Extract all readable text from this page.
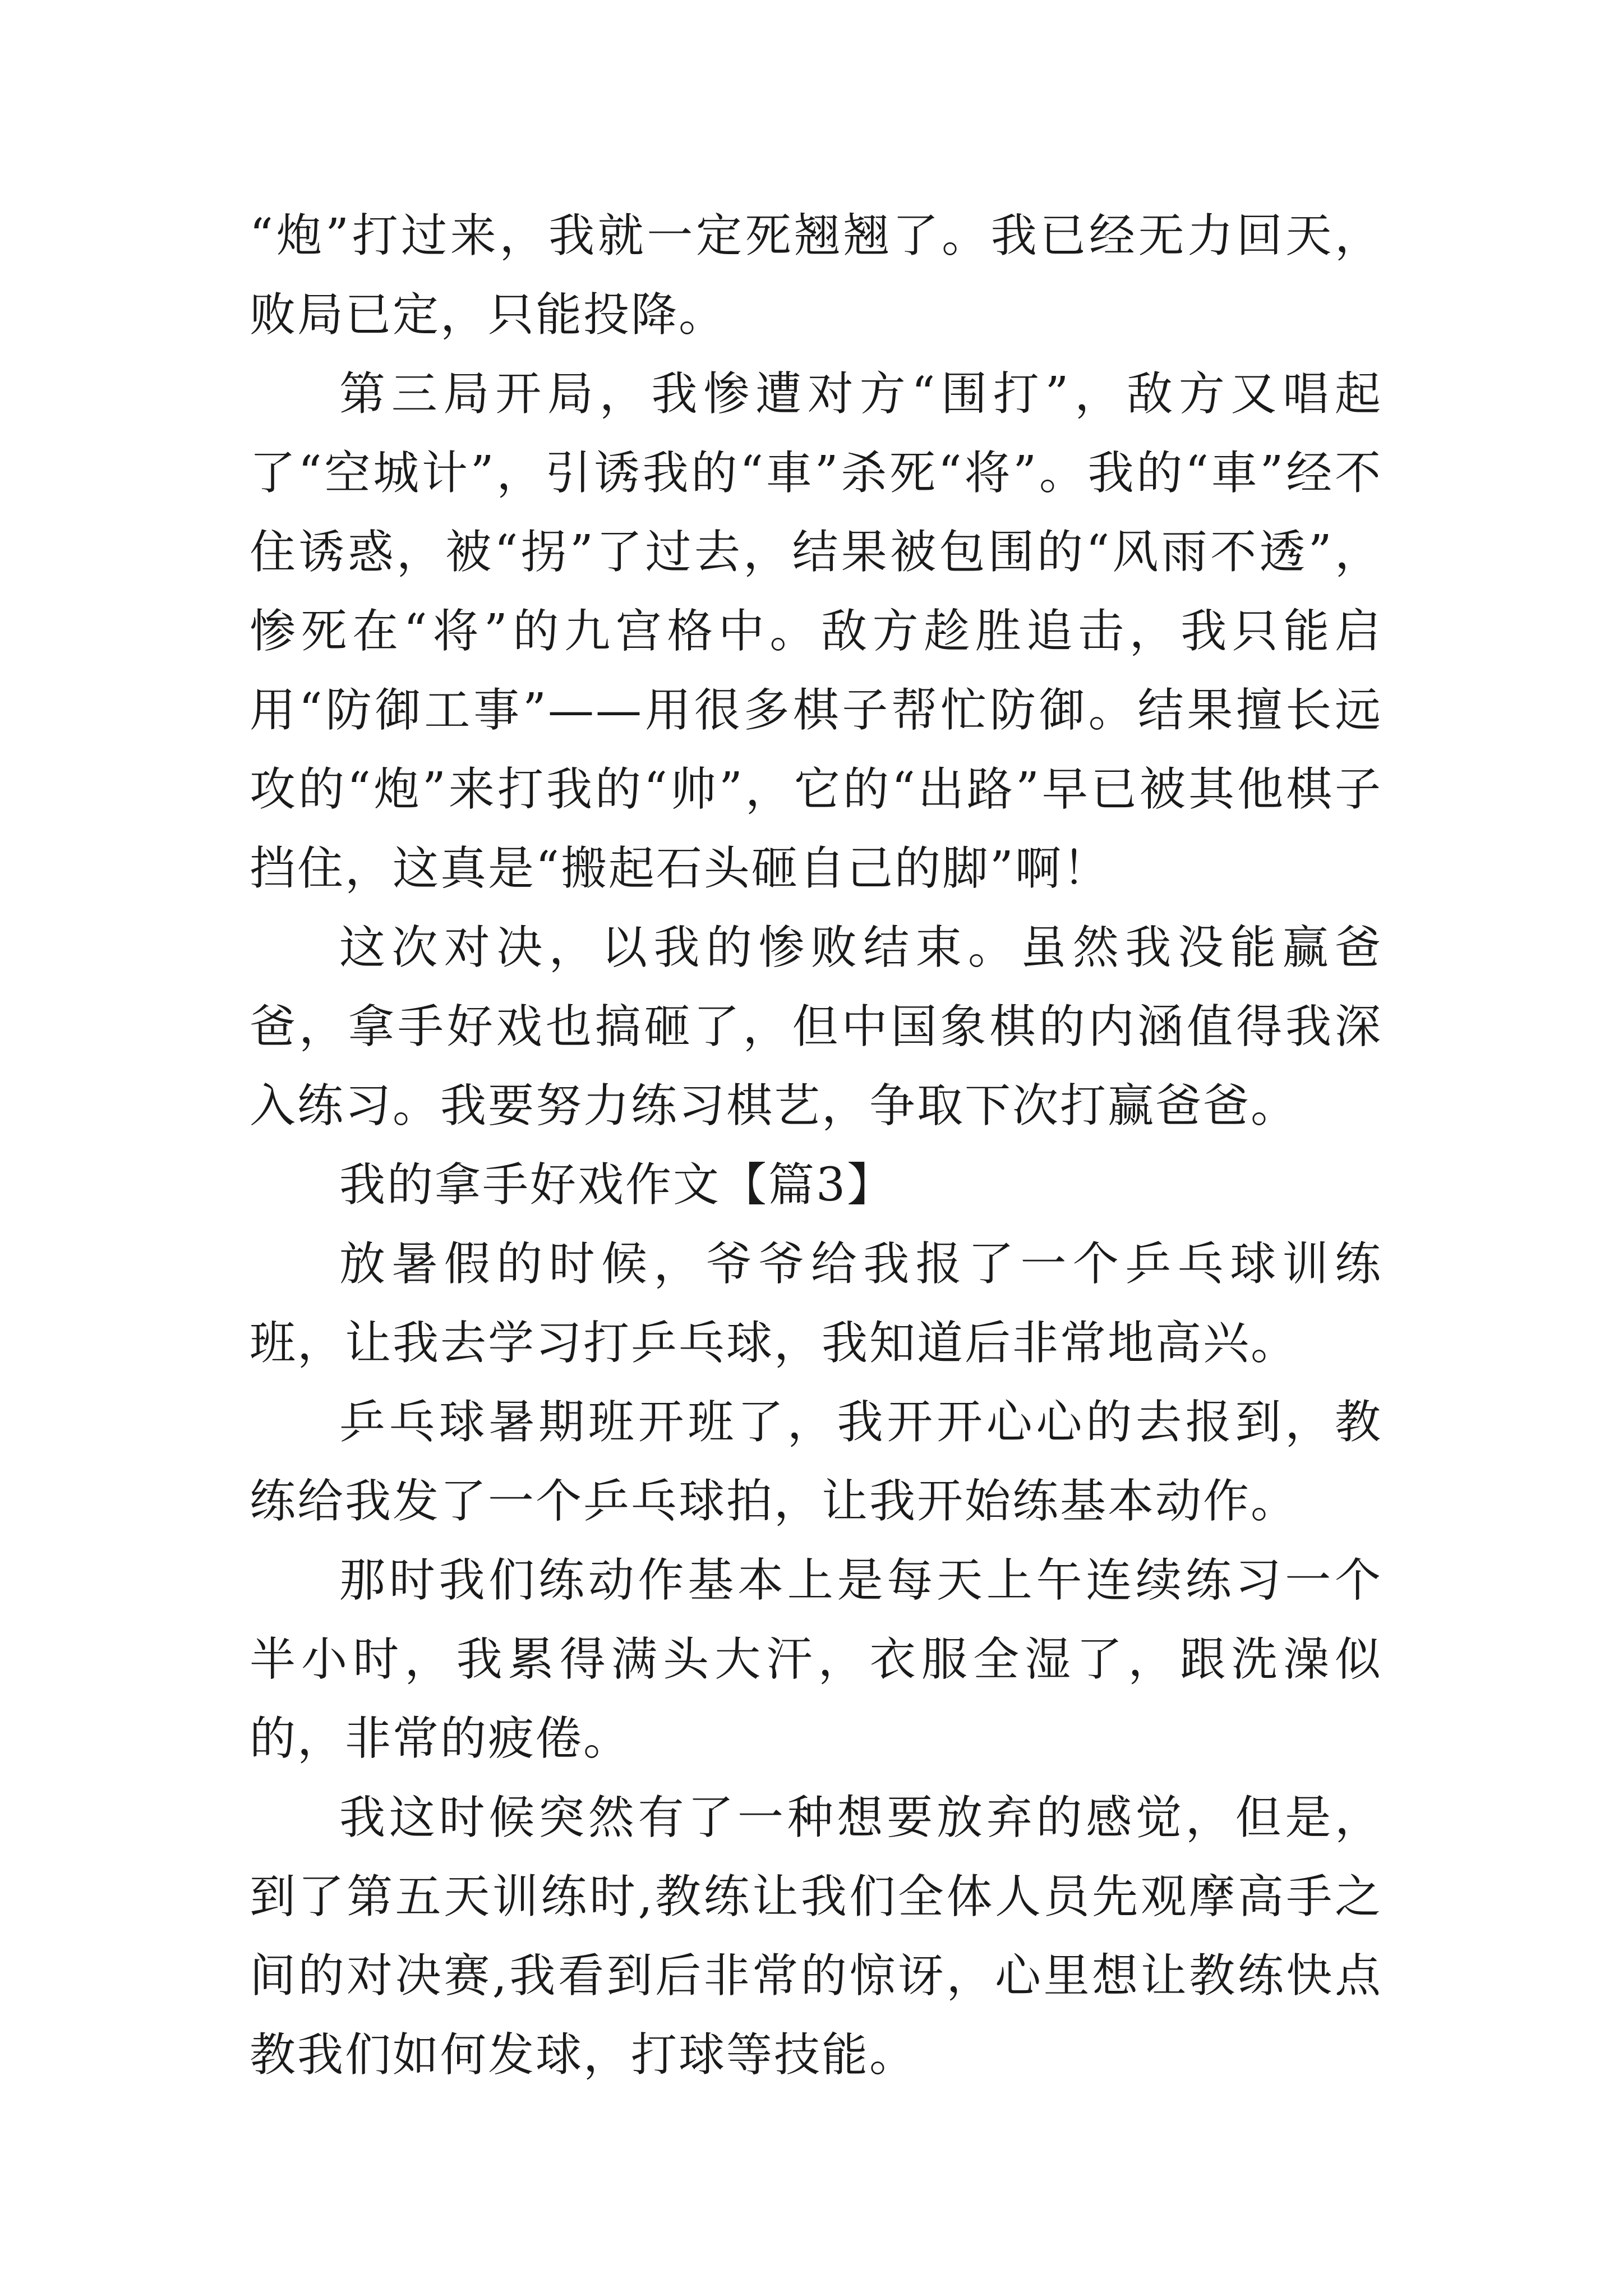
“炮”打过来，我就一定死翘翘了。我已经无力回天，败局已定，只能投降。

第三局开局，我惨遭对方“围打”，敌方又唱起了“空城计”，引诱我的“車”杀死“将”。我的“車”经不住诱惑，被“拐”了过去，结果被包围的“风雨不透”，惨死在“将”的九宫格中。敌方趁胜追击，我只能启用“防御工事”——用很多棋子帮忙防御。结果擅长远攻的“炮”来打我的“帅”，它的“出路”早已被其他棋子挡住，这真是“搬起石头砸自己的脚”啊！

这次对决，以我的惨败结束。虽然我没能赢爸爸，拿手好戏也搞砸了，但中国象棋的内涵值得我深入练习。我要努力练习棋艺，争取下次打赢爸爸。

我的拿手好戏作文【篇3】

放暑假的时候，爷爷给我报了一个乒乓球训练班，让我去学习打乒乓球，我知道后非常地高兴。

乒乓球暑期班开班了，我开开心心的去报到，教练给我发了一个乒乓球拍，让我开始练基本动作。

那时我们练动作基本上是每天上午连续练习一个半小时，我累得满头大汗，衣服全湿了，跟洗澡似的，非常的疲倦。

我这时候突然有了一种想要放弃的感觉，但是，到了第五天训练时,教练让我们全体人员先观摩高手之间的对决赛,我看到后非常的惊讶，心里想让教练快点教我们如何发球，打球等技能。
